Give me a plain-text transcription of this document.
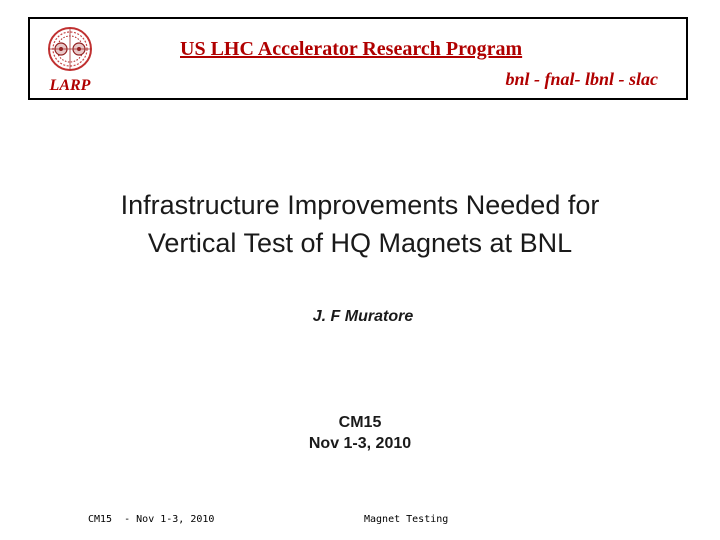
LARP
US LHC Accelerator Research Program
bnl - fnal- lbnl - slac
Infrastructure Improvements Needed for
Vertical Test of HQ Magnets at BNL
J. F Muratore
CM15
Nov 1-3, 2010
CM15  - Nov 1-3, 2010	Magnet Testing
